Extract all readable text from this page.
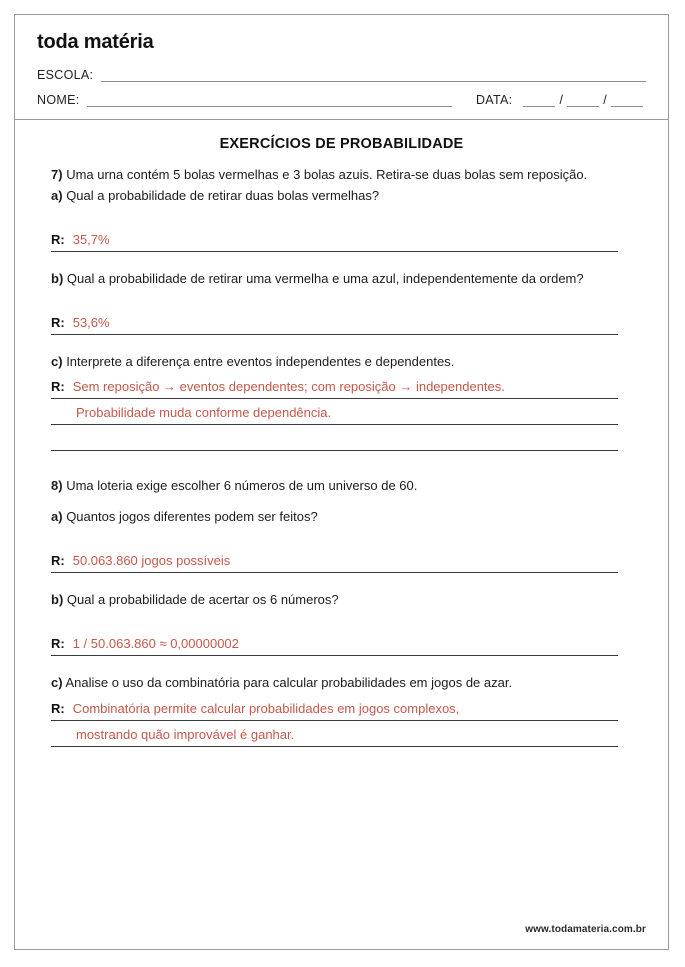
toda matéria
ESCOLA:
NOME:	DATA:	/	/
EXERCÍCIOS DE PROBABILIDADE

7) Uma urna contém 5 bolas vermelhas e 3 bolas azuis. Retira-se duas bolas sem reposição.

a) Qual a probabilidade de retirar duas bolas vermelhas?

R: 35,7%

b) Qual a probabilidade de retirar uma vermelha e uma azul, independentemente da ordem?

R: 53,6%

c) Interprete a diferença entre eventos independentes e dependentes.

R: Sem reposição → eventos dependentes; com reposição → independentes.
Probabilidade muda conforme dependência.

8) Uma loteria exige escolher 6 números de um universo de 60.

a) Quantos jogos diferentes podem ser feitos?

R: 50.063.860 jogos possíveis

b) Qual a probabilidade de acertar os 6 números?

R: 1 / 50.063.860 ≈ 0,00000002

c) Analise o uso da combinatória para calcular probabilidades em jogos de azar.

R: Combinatória permite calcular probabilidades em jogos complexos,
mostrando quão improvável é ganhar.
www.todamateria.com.br
